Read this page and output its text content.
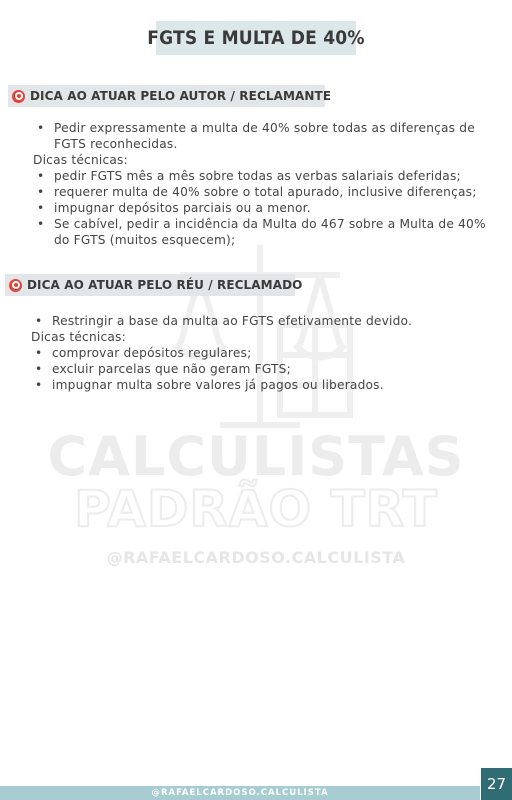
CALCULISTAS
PADRÃO TRT
@RAFAELCARDOSO.CALCULISTA
FGTS E MULTA DE 40%
DICA AO ATUAR PELO AUTOR / RECLAMANTE
• Pedir expressamente a multa de 40% sobre todas as diferenças de FGTS reconhecidas.
Dicas técnicas:
• pedir FGTS mês a mês sobre todas as verbas salariais deferidas;
• requerer multa de 40% sobre o total apurado, inclusive diferenças;
• impugnar depósitos parciais ou a menor.
• Se cabível, pedir a incidência da Multa do 467 sobre a Multa de 40% do FGTS (muitos esquecem);
DICA AO ATUAR PELO RÉU / RECLAMADO
• Restringir a base da multa ao FGTS efetivamente devido.
Dicas técnicas:
• comprovar depósitos regulares;
• excluir parcelas que não geram FGTS;
• impugnar multa sobre valores já pagos ou liberados.
@RAFAELCARDOSO.CALCULISTA	27
